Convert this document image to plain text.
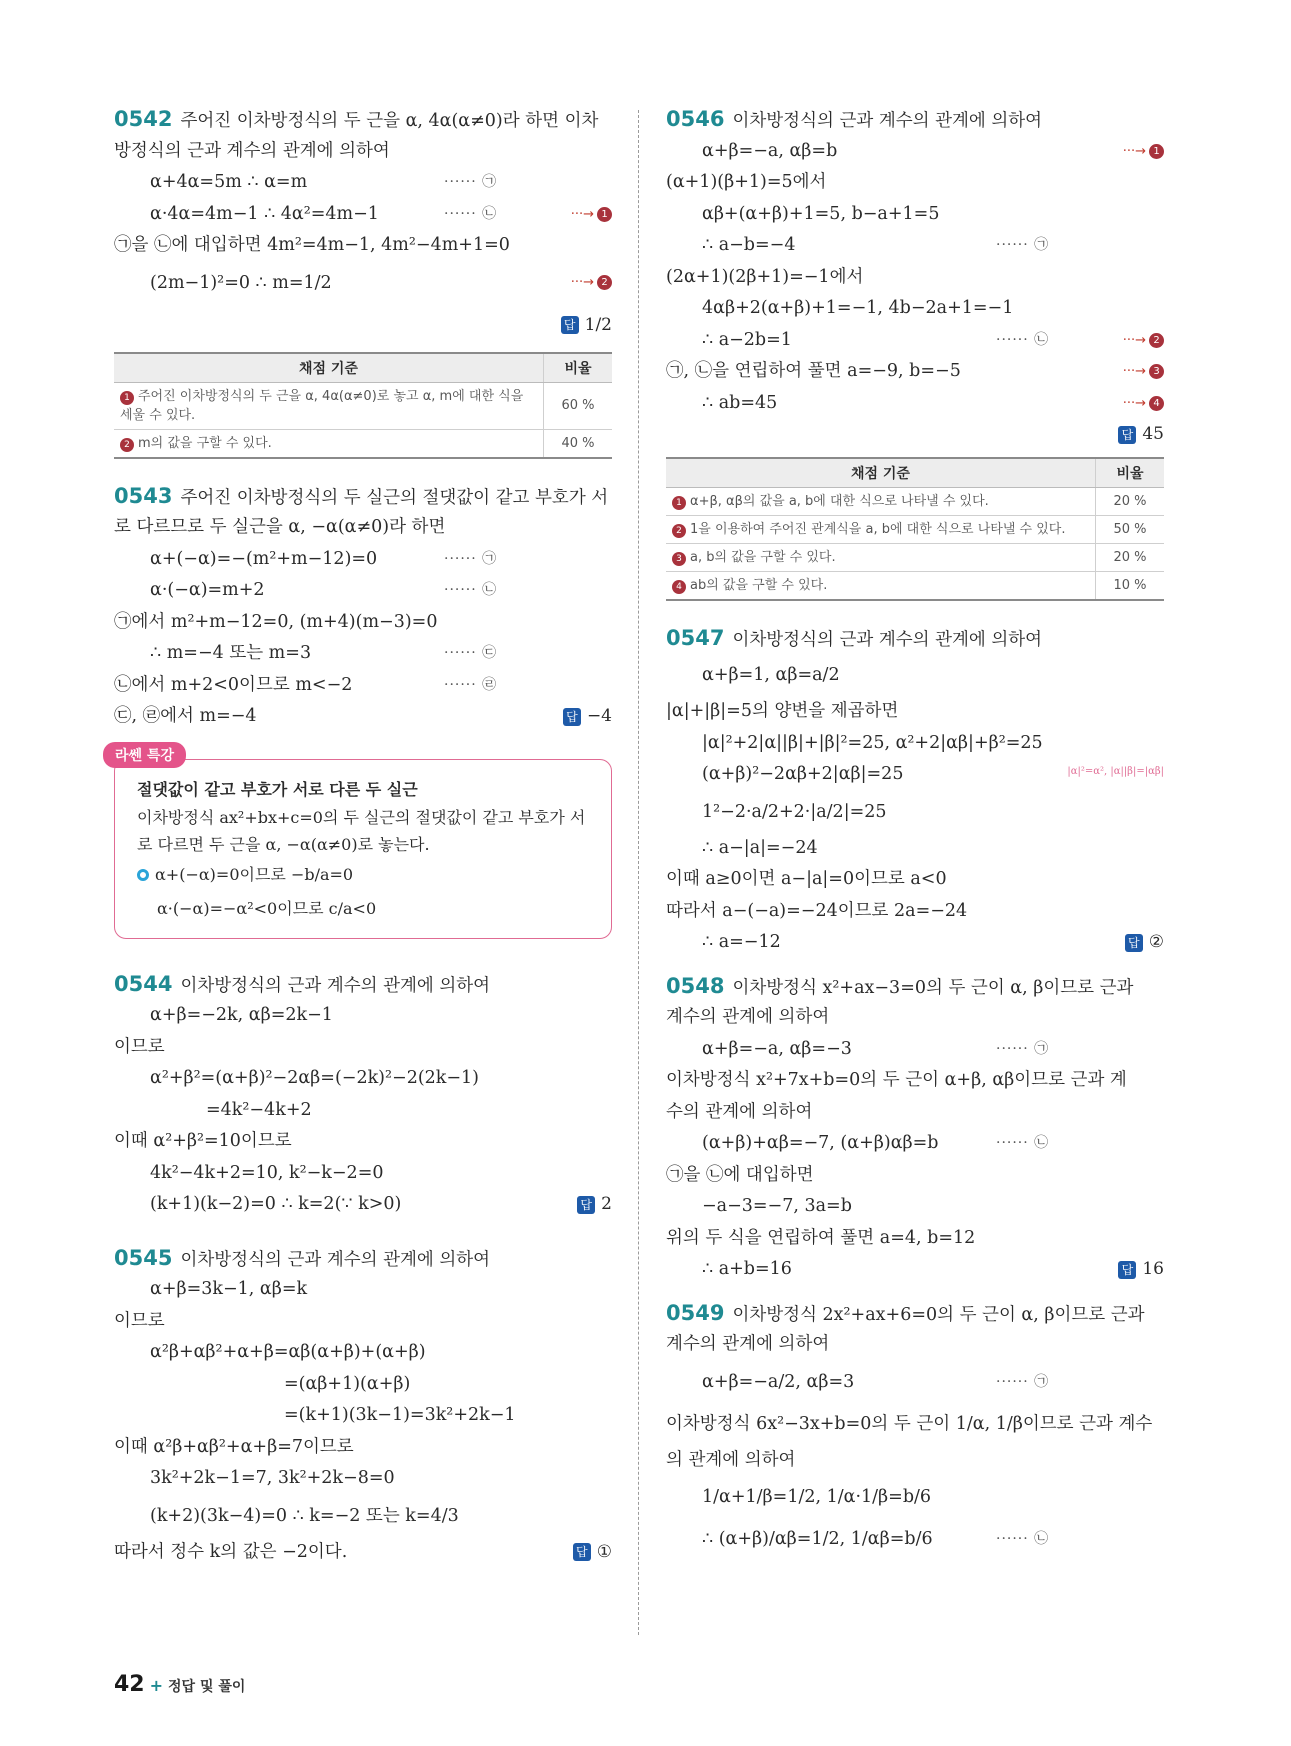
0542 주어진 이차방정식의 두 근을 α, 4α(α≠0)라 하면 이차
방정식의 근과 계수의 관계에 의하여
α+4α=5m ∴ α=m	······ ㉠
α·4α=4m−1 ∴ 4α²=4m−1	······ ㉡	···→ 1
㉠을 ㉡에 대입하면 4m²=4m−1, 4m²−4m+1=0
(2m−1)²=0 ∴ m=1/2	···→ 2
답 1/2
채점 기준	비율
1 주어진 이차방정식의 두 근을 α, 4α(α≠0)로 놓고 α, m에 대한 식을 세울 수 있다.	60 %
2 m의 값을 구할 수 있다.	40 %
0543 주어진 이차방정식의 두 실근의 절댓값이 같고 부호가 서
로 다르므로 두 실근을 α, −α(α≠0)라 하면
α+(−α)=−(m²+m−12)=0	······ ㉠
α·(−α)=m+2	······ ㉡
㉠에서 m²+m−12=0, (m+4)(m−3)=0
∴ m=−4 또는 m=3	······ ㉢
㉡에서 m+2<0이므로 m<−2	······ ㉣
㉢, ㉣에서 m=−4	답 −4
라쎈 특강
절댓값이 같고 부호가 서로 다른 두 실근
이차방정식 ax²+bx+c=0의 두 실근의 절댓값이 같고 부호가 서로 다르면 두 근을 α, −α(α≠0)로 놓는다.
α+(−α)=0이므로 −b/a=0
α·(−α)=−α²<0이므로 c/a<0
0544 이차방정식의 근과 계수의 관계에 의하여
α+β=−2k, αβ=2k−1
이므로
α²+β²=(α+β)²−2αβ=(−2k)²−2(2k−1)
=4k²−4k+2
이때 α²+β²=10이므로
4k²−4k+2=10, k²−k−2=0
(k+1)(k−2)=0 ∴ k=2(∵ k>0)	답 2
0545 이차방정식의 근과 계수의 관계에 의하여
α+β=3k−1, αβ=k
이므로
α²β+αβ²+α+β=αβ(α+β)+(α+β)
=(αβ+1)(α+β)
=(k+1)(3k−1)=3k²+2k−1
이때 α²β+αβ²+α+β=7이므로
3k²+2k−1=7, 3k²+2k−8=0
(k+2)(3k−4)=0 ∴ k=−2 또는 k=4/3
따라서 정수 k의 값은 −2이다.	답 ①
0546 이차방정식의 근과 계수의 관계에 의하여
α+β=−a, αβ=b	···→ 1
(α+1)(β+1)=5에서
αβ+(α+β)+1=5, b−a+1=5
∴ a−b=−4	······ ㉠
(2α+1)(2β+1)=−1에서
4αβ+2(α+β)+1=−1, 4b−2a+1=−1
∴ a−2b=1	······ ㉡	···→ 2
㉠, ㉡을 연립하여 풀면 a=−9, b=−5	···→ 3
∴ ab=45	···→ 4
답 45
채점 기준	비율
1 α+β, αβ의 값을 a, b에 대한 식으로 나타낼 수 있다.	20 %
2 1을 이용하여 주어진 관계식을 a, b에 대한 식으로 나타낼 수 있다.	50 %
3 a, b의 값을 구할 수 있다.	20 %
4 ab의 값을 구할 수 있다.	10 %
0547 이차방정식의 근과 계수의 관계에 의하여
α+β=1, αβ=a/2
|α|+|β|=5의 양변을 제곱하면
|α|²+2|α||β|+|β|²=25, α²+2|αβ|+β²=25
|α|²=α², |α||β|=|αβ|
(α+β)²−2αβ+2|αβ|=25
1²−2·a/2+2·|a/2|=25
∴ a−|a|=−24
이때 a≥0이면 a−|a|=0이므로 a<0
따라서 a−(−a)=−24이므로 2a=−24
∴ a=−12	답 ②
0548 이차방정식 x²+ax−3=0의 두 근이 α, β이므로 근과
계수의 관계에 의하여
α+β=−a, αβ=−3	······ ㉠
이차방정식 x²+7x+b=0의 두 근이 α+β, αβ이므로 근과 계
수의 관계에 의하여
(α+β)+αβ=−7, (α+β)αβ=b	······ ㉡
㉠을 ㉡에 대입하면
−a−3=−7, 3a=b
위의 두 식을 연립하여 풀면 a=4, b=12
∴ a+b=16	답 16
0549 이차방정식 2x²+ax+6=0의 두 근이 α, β이므로 근과
계수의 관계에 의하여
α+β=−a/2, αβ=3	······ ㉠
이차방정식 6x²−3x+b=0의 두 근이 1/α, 1/β이므로 근과 계수
의 관계에 의하여
1/α+1/β=1/2, 1/α·1/β=b/6
∴ (α+β)/αβ=1/2, 1/αβ=b/6	······ ㉡
42 + 정답 및 풀이
